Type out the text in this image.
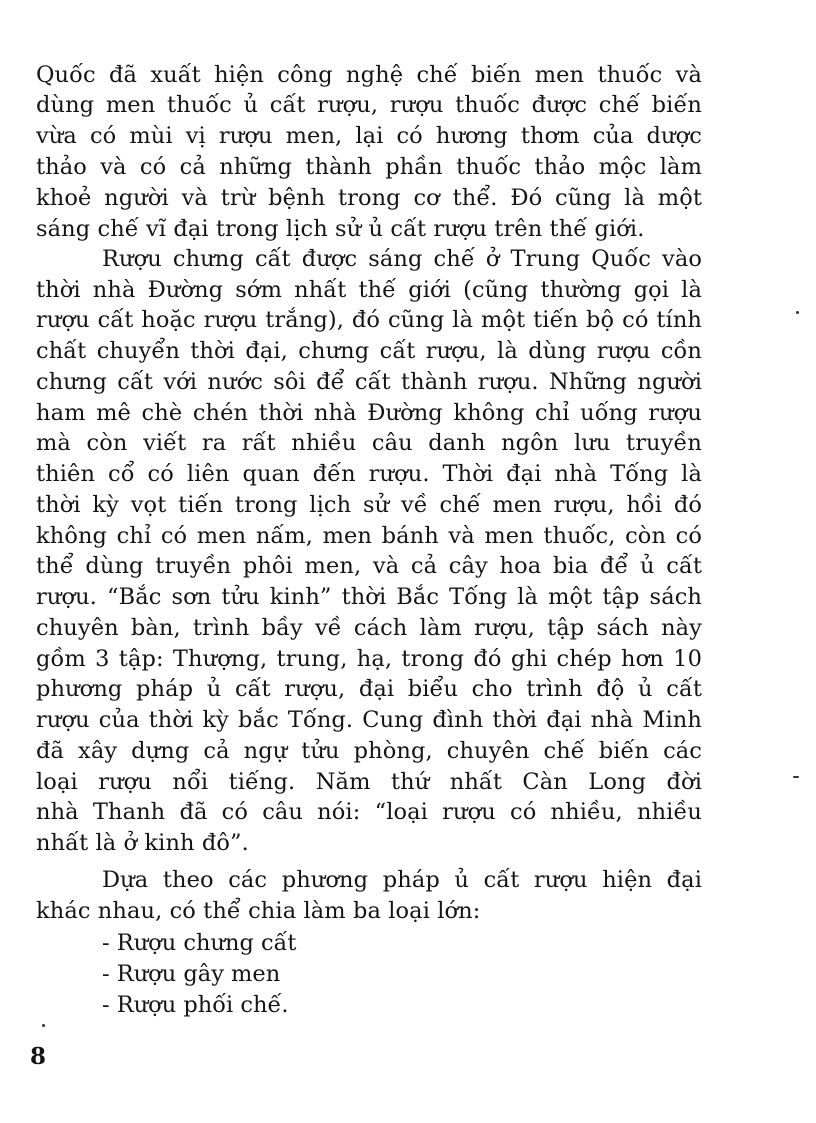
Quốc đã xuất hiện công nghệ chế biến men thuốc và
dùng men thuốc ủ cất rượu, rượu thuốc được chế biến
vừa có mùi vị rượu men, lại có hương thơm của dược
thảo và có cả những thành phần thuốc thảo mộc làm
khoẻ người và trừ bệnh trong cơ thể. Đó cũng là một
sáng chế vĩ đại trong lịch sử ủ cất rượu trên thế giới.
Rượu chưng cất được sáng chế ở Trung Quốc vào
thời nhà Đường sớm nhất thế giới (cũng thường gọi là
rượu cất hoặc rượu trắng), đó cũng là một tiến bộ có tính
chất chuyển thời đại, chưng cất rượu, là dùng rượu cồn
chưng cất với nước sôi để cất thành rượu. Những người
ham mê chè chén thời nhà Đường không chỉ uống rượu
mà còn viết ra rất nhiều câu danh ngôn lưu truyền
thiên cổ có liên quan đến rượu. Thời đại nhà Tống là
thời kỳ vọt tiến trong lịch sử về chế men rượu, hồi đó
không chỉ có men nấm, men bánh và men thuốc, còn có
thể dùng truyền phôi men, và cả cây hoa bia để ủ cất
rượu. “Bắc sơn tửu kinh” thời Bắc Tống là một tập sách
chuyên bàn, trình bầy về cách làm rượu, tập sách này
gồm 3 tập: Thượng, trung, hạ, trong đó ghi chép hơn 10
phương pháp ủ cất rượu, đại biểu cho trình độ ủ cất
rượu của thời kỳ bắc Tống. Cung đình thời đại nhà Minh
đã xây dựng cả ngự tửu phòng, chuyên chế biến các
loại rượu nổi tiếng. Năm thứ nhất Càn Long đời
nhà Thanh đã có câu nói: “loại rượu có nhiều, nhiều
nhất là ở kinh đô”.
Dựa theo các phương pháp ủ cất rượu hiện đại
khác nhau, có thể chia làm ba loại lớn:
- Rượu chưng cất
- Rượu gây men
- Rượu phối chế.
8
